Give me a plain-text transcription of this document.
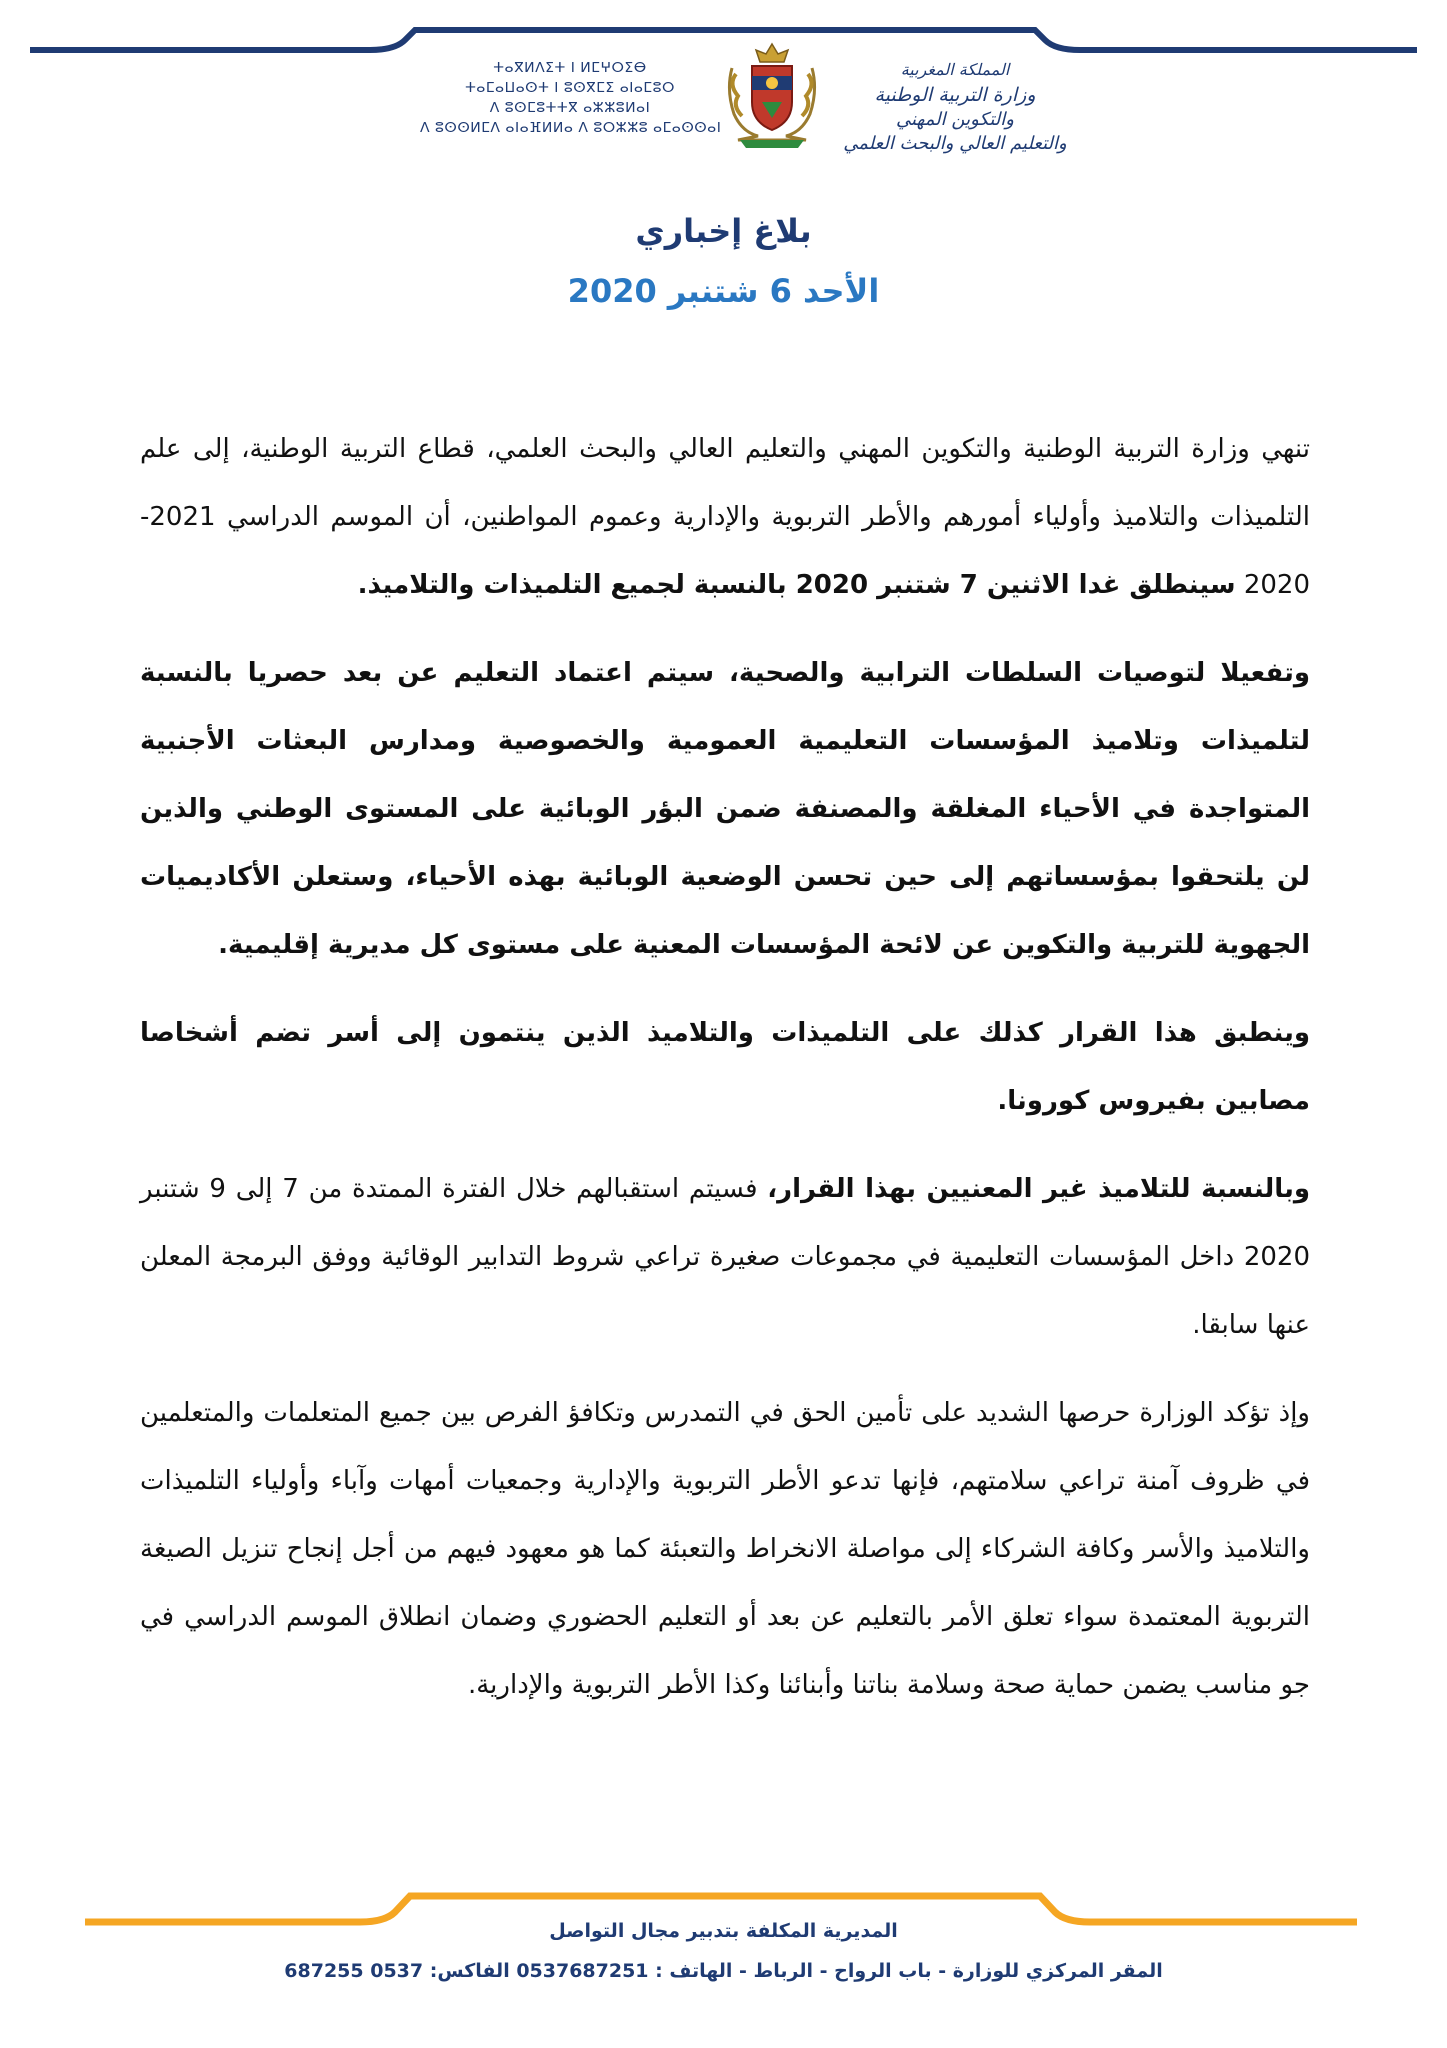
ⵜⴰⴳⵍⴷⵉⵜ ⵏ ⵍⵎⵖⵔⵉⴱ
ⵜⴰⵎⴰⵡⴰⵙⵜ ⵏ ⵓⵙⴳⵎⵉ ⴰⵏⴰⵎⵓⵔ
ⴷ ⵓⵙⵎⵓⵜⵜⴳ ⴰⵣⵣⵓⵍⴰⵏ
ⴷ ⵓⵙⵙⵍⵎⴷ ⴰⵏⴰⴼⵍⵍⴰ ⴷ ⵓⵔⵣⵣⵓ ⴰⵎⴰⵙⵙⴰⵏ
المملكة المغربية
وزارة التربية الوطنية
والتكوين المهني
والتعليم العالي والبحث العلمي
بلاغ إخباري
الأحد 6 شتنبر 2020

تنهي وزارة التربية الوطنية والتكوين المهني والتعليم العالي والبحث العلمي، قطاع التربية الوطنية، إلى علم التلميذات والتلاميذ وأولياء أمورهم والأطر التربوية والإدارية وعموم المواطنين، أن الموسم الدراسي 2021-2020 سينطلق غدا الاثنين 7 شتنبر 2020 بالنسبة لجميع التلميذات والتلاميذ.

وتفعيلا لتوصيات السلطات الترابية والصحية، سيتم اعتماد التعليم عن بعد حصريا بالنسبة لتلميذات وتلاميذ المؤسسات التعليمية العمومية والخصوصية ومدارس البعثات الأجنبية المتواجدة في الأحياء المغلقة والمصنفة ضمن البؤر الوبائية على المستوى الوطني والذين لن يلتحقوا بمؤسساتهم إلى حين تحسن الوضعية الوبائية بهذه الأحياء، وستعلن الأكاديميات الجهوية للتربية والتكوين عن لائحة المؤسسات المعنية على مستوى كل مديرية إقليمية.

وينطبق هذا القرار كذلك على التلميذات والتلاميذ الذين ينتمون إلى أسر تضم أشخاصا مصابين بفيروس كورونا.

وبالنسبة للتلاميذ غير المعنيين بهذا القرار، فسيتم استقبالهم خلال الفترة الممتدة من 7 إلى 9 شتنبر 2020 داخل المؤسسات التعليمية في مجموعات صغيرة تراعي شروط التدابير الوقائية ووفق البرمجة المعلن عنها سابقا.

وإذ تؤكد الوزارة حرصها الشديد على تأمين الحق في التمدرس وتكافؤ الفرص بين جميع المتعلمات والمتعلمين في ظروف آمنة تراعي سلامتهم، فإنها تدعو الأطر التربوية والإدارية وجمعيات أمهات وآباء وأولياء التلميذات والتلاميذ والأسر وكافة الشركاء إلى مواصلة الانخراط والتعبئة كما هو معهود فيهم من أجل إنجاح تنزيل الصيغة التربوية المعتمدة سواء تعلق الأمر بالتعليم عن بعد أو التعليم الحضوري وضمان انطلاق الموسم الدراسي في جو مناسب يضمن حماية صحة وسلامة بناتنا وأبنائنا وكذا الأطر التربوية والإدارية.

المديرية المكلفة بتدبير مجال التواصل
المقر المركزي للوزارة - باب الرواح - الرباط - الهاتف : 0537687251 الفاكس: 0537 687255
